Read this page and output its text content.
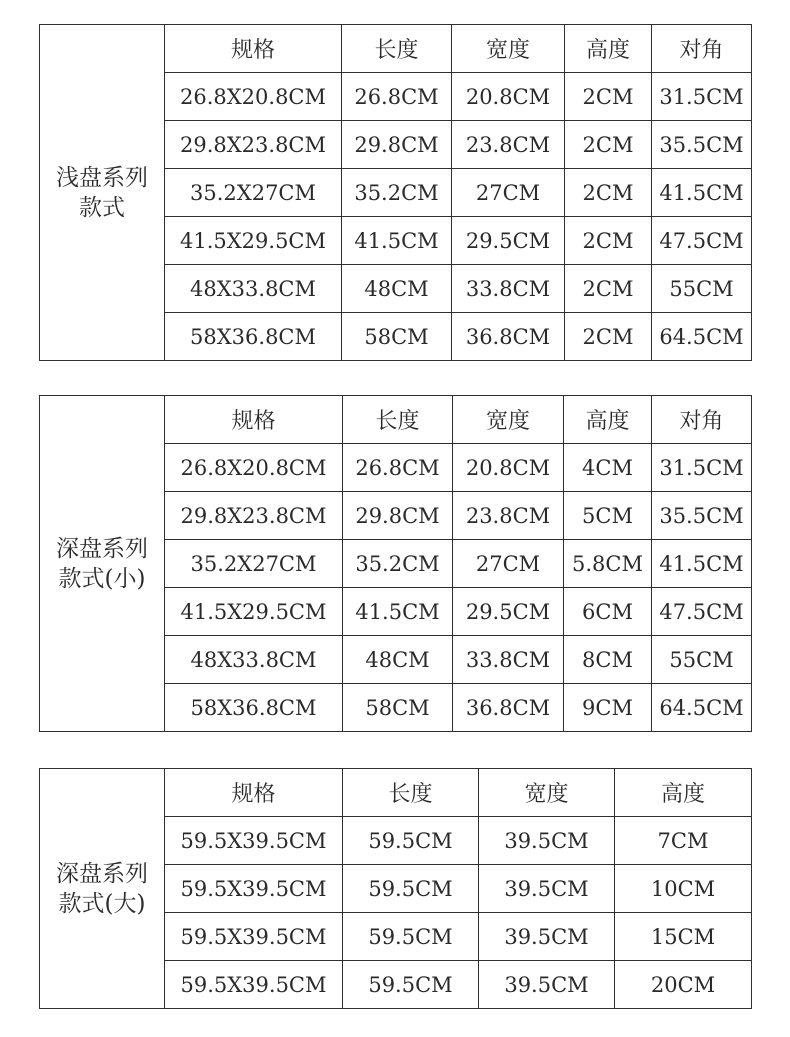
浅盘系列
款式	规格	长度	宽度	高度	对角
	26.8X20.8CM	26.8CM	20.8CM	2CM	31.5CM
	29.8X23.8CM	29.8CM	23.8CM	2CM	35.5CM
	35.2X27CM	35.2CM	27CM	2CM	41.5CM
	41.5X29.5CM	41.5CM	29.5CM	2CM	47.5CM
	48X33.8CM	48CM	33.8CM	2CM	55CM
	58X36.8CM	58CM	36.8CM	2CM	64.5CM
深盘系列
款式(小)	规格	长度	宽度	高度	对角
	26.8X20.8CM	26.8CM	20.8CM	4CM	31.5CM
	29.8X23.8CM	29.8CM	23.8CM	5CM	35.5CM
	35.2X27CM	35.2CM	27CM	5.8CM	41.5CM
	41.5X29.5CM	41.5CM	29.5CM	6CM	47.5CM
	48X33.8CM	48CM	33.8CM	8CM	55CM
	58X36.8CM	58CM	36.8CM	9CM	64.5CM
深盘系列
款式(大)	规格	长度	宽度	高度
	59.5X39.5CM	59.5CM	39.5CM	7CM
	59.5X39.5CM	59.5CM	39.5CM	10CM
	59.5X39.5CM	59.5CM	39.5CM	15CM
	59.5X39.5CM	59.5CM	39.5CM	20CM
